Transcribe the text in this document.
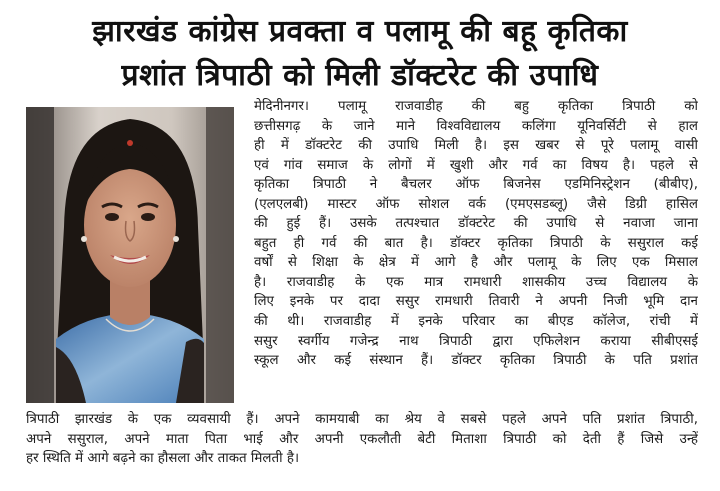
झारखंड कांग्रेस प्रवक्ता व पलामू की बहू कृतिका
प्रशांत त्रिपाठी को मिली डॉक्टरेट की उपाधि
मेदिनीनगर। पलामू राजवाडीह की बहु कृतिका त्रिपाठी को
छत्तीसगढ़ के जाने माने विश्वविद्यालय कलिंगा यूनिवर्सिटी से हाल
ही में डॉक्टरेट की उपाधि मिली है। इस खबर से पूरे पलामू वासी
एवं गांव समाज के लोगों में खुशी और गर्व का विषय है। पहले से
कृतिका त्रिपाठी ने बैचलर ऑफ बिजनेस एडमिनिस्ट्रेशन (बीबीए),
(एलएलबी) मास्टर ऑफ सोशल वर्क (एमएसडब्लू) जैसे डिग्री हासिल
की हुई हैं। उसके तत्पश्चात डॉक्टरेट की उपाधि से नवाजा जाना
बहुत ही गर्व की बात है। डॉक्टर कृतिका त्रिपाठी के ससुराल कई
वर्षों से शिक्षा के क्षेत्र में आगे है और पलामू के लिए एक मिसाल
है। राजवाडीह के एक मात्र रामधारी शासकीय उच्च विद्यालय के
लिए इनके पर दादा ससुर रामधारी तिवारी ने अपनी निजी भूमि दान
की थी। राजवाडीह में इनके परिवार का बीएड कॉलेज, रांची में
ससुर स्वर्गीय गजेन्द्र नाथ त्रिपाठी द्वारा एफिलेशन कराया सीबीएसई
स्कूल और कई संस्थान हैं। डॉक्टर कृतिका त्रिपाठी के पति प्रशांत
त्रिपाठी झारखंड के एक व्यवसायी हैं। अपने कामयाबी का श्रेय वे सबसे पहले अपने पति प्रशांत त्रिपाठी,
अपने ससुराल, अपने माता पिता भाई और अपनी एकलौती बेटी मिताशा त्रिपाठी को देती हैं जिसे उन्हें
हर स्थिति में आगे बढ़ने का हौसला और ताकत मिलती है।
